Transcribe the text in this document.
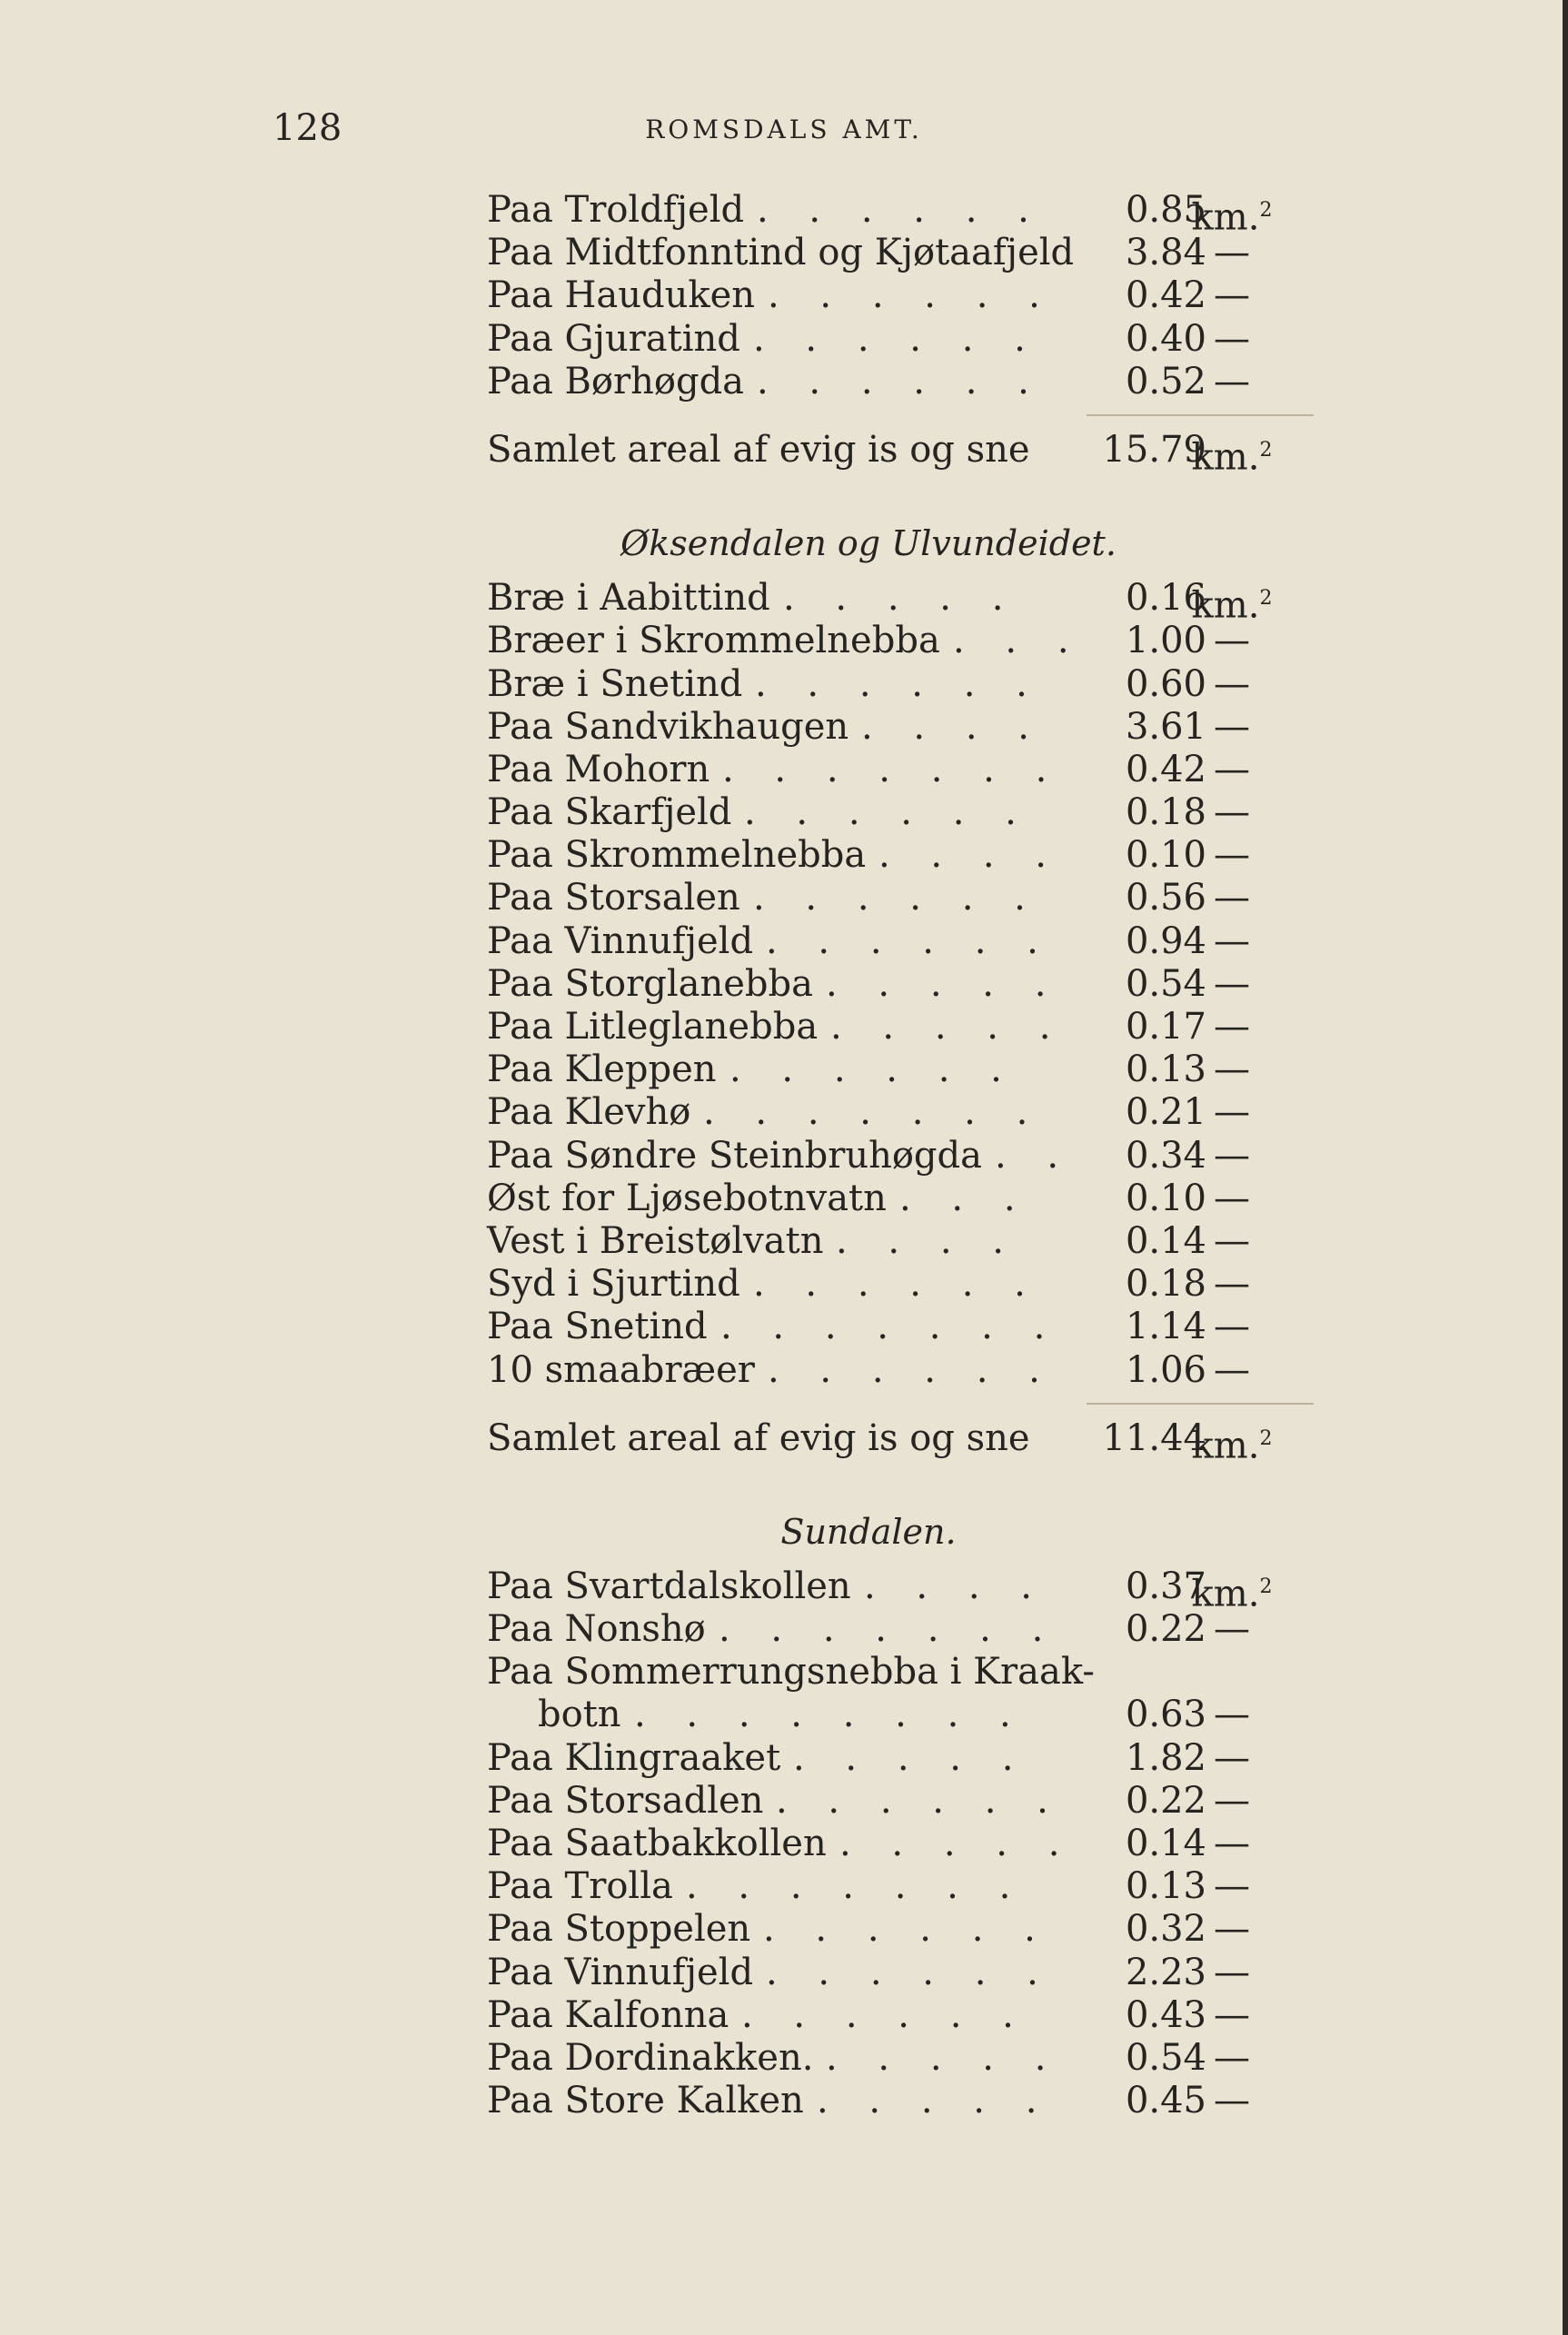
128	ROMSDALS AMT.
Paa Troldfjeld . . . . . .	0.85
km.$^2$
Paa Midtfonntind og Kjøtaafjeld	3.84 —
Paa Hauduken . . . . . .	0.42 —
Paa Gjuratind . . . . . .	0.40 —
Paa Børhøgda . . . . . .	0.52 —
Samlet areal af evig is og sne 15.79
km.$^2$
Øksendalen og Ulvundeidet.
Bræ i Aabittind . . . . .	0.16
km.$^2$
Bræer i Skrommelnebba . . .	1.00 —
Bræ i Snetind . . . . . .	0.60 —
Paa Sandvikhaugen . . . .	3.61 —
Paa Mohorn . . . . . . .	0.42 —
Paa Skarfjeld . . . . . .	0.18 —
Paa Skrommelnebba . . . .	0.10 —
Paa Storsalen . . . . . .	0.56 —
Paa Vinnufjeld . . . . . .	0.94 —
Paa Storglanebba . . . . .	0.54 —
Paa Litleglanebba . . . . .	0.17 —
Paa Kleppen . . . . . .	0.13 —
Paa Klevhø . . . . . . .	0.21 —
Paa Søndre Steinbruhøgda . .	0.34 —
Øst for Ljøsebotnvatn . . .	0.10 —
Vest i Breistølvatn . . . .	0.14 —
Syd i Sjurtind . . . . . .	0.18 —
Paa Snetind . . . . . . .	1.14 —
10 smaabræer . . . . . .	1.06 —
Samlet areal af evig is og sne 11.44
km.$^2$
Sundalen.
Paa Svartdalskollen . . . .	0.37
km.$^2$
Paa Nonshø . . . . . . .	0.22 —
Paa Sommerrungsnebba i Kraak-
botn . . . . . . . .	0.63 —
Paa Klingraaket . . . . .	1.82 —
Paa Storsadlen . . . . . .	0.22 —
Paa Saatbakkollen . . . . .	0.14 —
Paa Trolla . . . . . . .	0.13 —
Paa Stoppelen . . . . . .	0.32 —
Paa Vinnufjeld . . . . . .	2.23 —
Paa Kalfonna . . . . . .	0.43 —
Paa Dordinakken. . . . . .	0.54 —
Paa Store Kalken . . . . .	0.45 —
